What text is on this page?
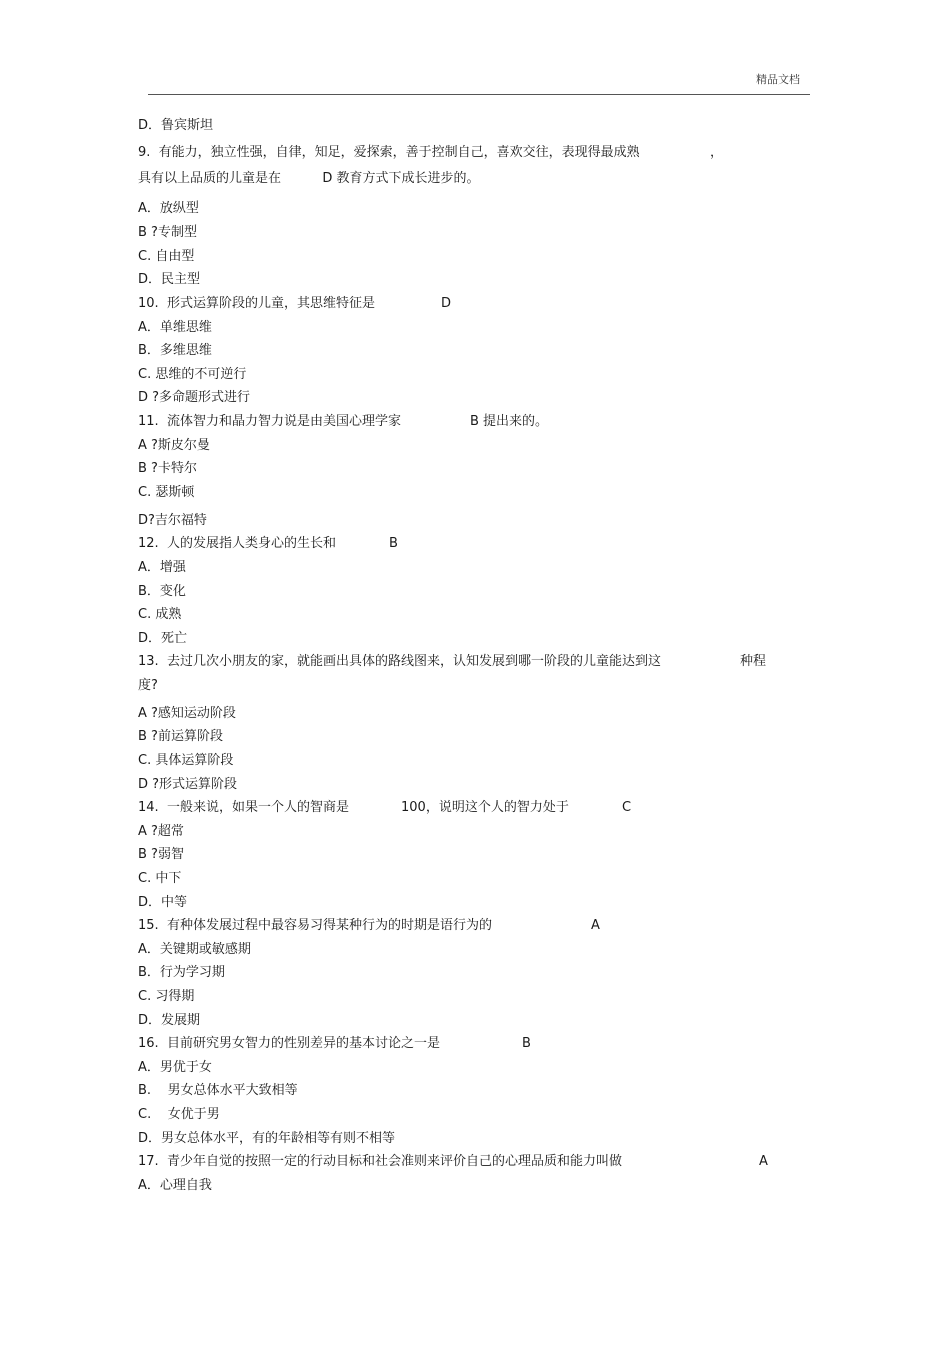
精品文档
D．鲁宾斯坦
9.  有能力，独立性强，自律，知足，爱探索，善于控制自己，喜欢交往，表现得最成熟
具有以上品质的儿童是在          D 教育方式下成长进步的。
A．放纵型
B ?专制型
C. 自由型
D．民主型
10.  形式运算阶段的儿童，其思维特征是
A．单维思维
B．多维思维
C. 思维的不可逆行
D ?多命题形式进行
11.  流体智力和晶力智力说是由美国心理学家
A ?斯皮尔曼
B ?卡特尔
C. 瑟斯顿
D?吉尔福特
12.  人的发展指人类身心的生长和
A．增强
B．变化
C. 成熟
D．死亡
13.  去过几次小朋友的家，就能画出具体的路线图来，认知发展到哪一阶段的儿童能达到这
度?
A ?感知运动阶段
B ?前运算阶段
C. 具体运算阶段
D ?形式运算阶段
14.  一般来说，如果一个人的智商是
A ?超常
B ?弱智
C. 中下
D．中等
15.  有种体发展过程中最容易习得某种行为的时期是语行为的
A．关键期或敏感期
B．行为学习期
C. 习得期
D．发展期
16.  目前研究男女智力的性别差异的基本讨论之一是
A．男优于女
B.    男女总体水平大致相等
C.    女优于男
D．男女总体水平，有的年龄相等有则不相等
17.  青少年自觉的按照一定的行动目标和社会准则来评价自己的心理品质和能力叫做
A．心理自我
，
D
B 提出来的。
B
种程
100，说明这个人的智力处于	C
A
B
A
